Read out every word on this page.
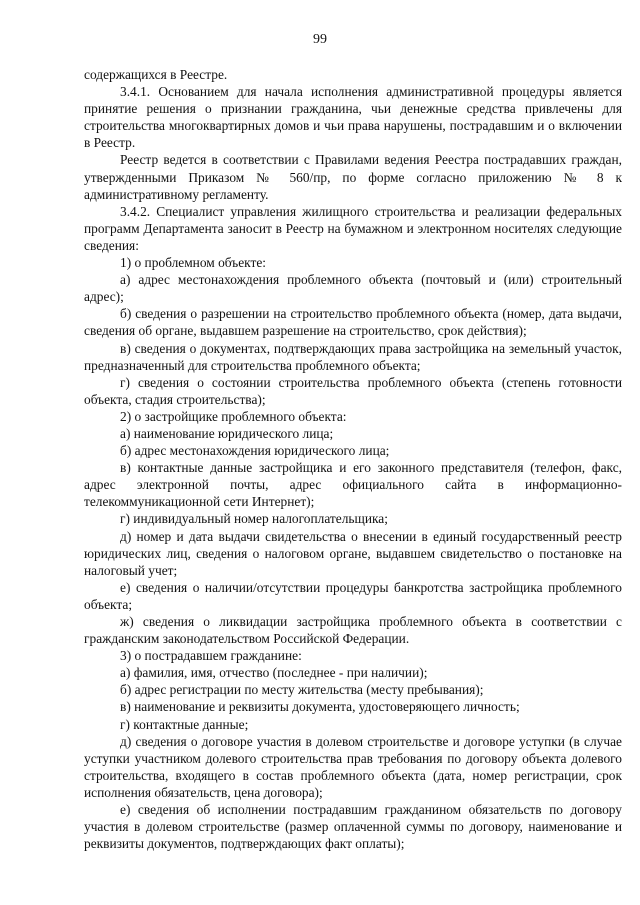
99

содержащихся в Реестре.

3.4.1. Основанием для начала исполнения административной процедуры является принятие решения о признании гражданина, чьи денежные средства привлечены для строительства многоквартирных домов и чьи права нарушены, пострадавшим и о включении в Реестр.

Реестр ведется в соответствии с Правилами ведения Реестра пострадавших граждан, утвержденными Приказом № 560/пр, по форме согласно приложению № 8 к административному регламенту.

3.4.2. Специалист управления жилищного строительства и реализации федеральных программ Департамента заносит в Реестр на бумажном и электронном носителях следующие сведения:

1) о проблемном объекте:

а) адрес местонахождения проблемного объекта (почтовый и (или) строительный адрес);

б) сведения о разрешении на строительство проблемного объекта (номер, дата выдачи, сведения об органе, выдавшем разрешение на строительство, срок действия);

в) сведения о документах, подтверждающих права застройщика на земельный участок, предназначенный для строительства проблемного объекта;

г) сведения о состоянии строительства проблемного объекта (степень готовности объекта, стадия строительства);

2) о застройщике проблемного объекта:

а) наименование юридического лица;

б) адрес местонахождения юридического лица;

в) контактные данные застройщика и его законного представителя (телефон, факс, адрес электронной почты, адрес официального сайта в информационно-телекоммуникационной сети Интернет);

г) индивидуальный номер налогоплательщика;

д) номер и дата выдачи свидетельства о внесении в единый государственный реестр юридических лиц, сведения о налоговом органе, выдавшем свидетельство о постановке на налоговый учет;

е) сведения о наличии/отсутствии процедуры банкротства застройщика проблемного объекта;

ж) сведения о ликвидации застройщика проблемного объекта в соответствии с гражданским законодательством Российской Федерации.

3) о пострадавшем гражданине:

а) фамилия, имя, отчество (последнее - при наличии);

б) адрес регистрации по месту жительства (месту пребывания);

в) наименование и реквизиты документа, удостоверяющего личность;

г) контактные данные;

д) сведения о договоре участия в долевом строительстве и договоре уступки (в случае уступки участником долевого строительства прав требования по договору объекта долевого строительства, входящего в состав проблемного объекта (дата, номер регистрации, срок исполнения обязательств, цена договора);

е) сведения об исполнении пострадавшим гражданином обязательств по договору участия в долевом строительстве (размер оплаченной суммы по договору, наименование и реквизиты документов, подтверждающих факт оплаты);
